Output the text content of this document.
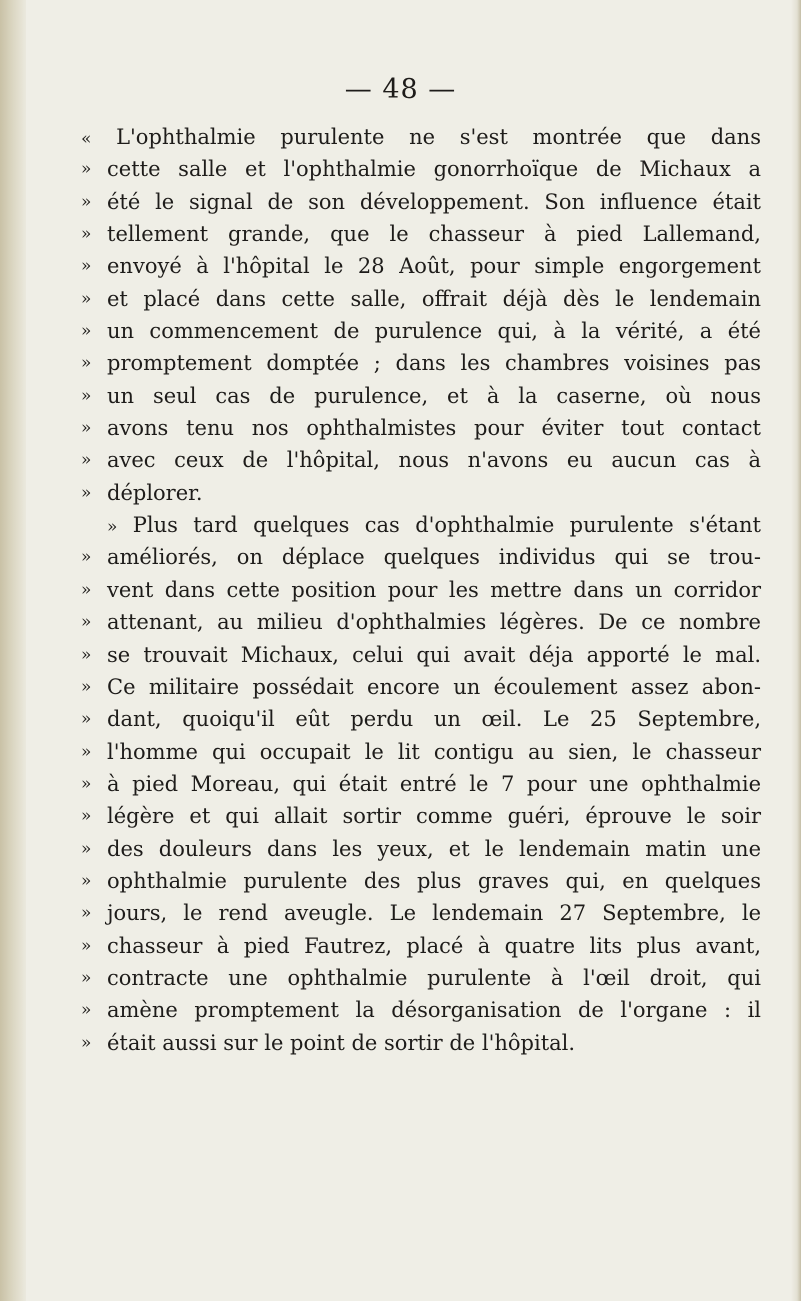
— 48 —
« L'ophthalmie purulente ne s'est montrée que dans
» cette salle et l'ophthalmie gonorrhoïque de Michaux a
» été le signal de son développement. Son influence était
» tellement grande, que le chasseur à pied Lallemand,
» envoyé à l'hôpital le 28 Août, pour simple engorgement
» et placé dans cette salle, offrait déjà dès le lendemain
» un commencement de purulence qui, à la vérité, a été
» promptement domptée ; dans les chambres voisines pas
» un seul cas de purulence, et à la caserne, où nous
» avons tenu nos ophthalmistes pour éviter tout contact
» avec ceux de l'hôpital, nous n'avons eu aucun cas à
» déplorer.
» Plus tard quelques cas d'ophthalmie purulente s'étant
» améliorés, on déplace quelques individus qui se trou-
» vent dans cette position pour les mettre dans un corridor
» attenant, au milieu d'ophthalmies légères. De ce nombre
» se trouvait Michaux, celui qui avait déja apporté le mal.
» Ce militaire possédait encore un écoulement assez abon-
» dant, quoiqu'il eût perdu un œil. Le 25 Septembre,
» l'homme qui occupait le lit contigu au sien, le chasseur
» à pied Moreau, qui était entré le 7 pour une ophthalmie
» légère et qui allait sortir comme guéri, éprouve le soir
» des douleurs dans les yeux, et le lendemain matin une
» ophthalmie purulente des plus graves qui, en quelques
» jours, le rend aveugle. Le lendemain 27 Septembre, le
» chasseur à pied Fautrez, placé à quatre lits plus avant,
» contracte une ophthalmie purulente à l'œil droit, qui
» amène promptement la désorganisation de l'organe : il
» était aussi sur le point de sortir de l'hôpital.
